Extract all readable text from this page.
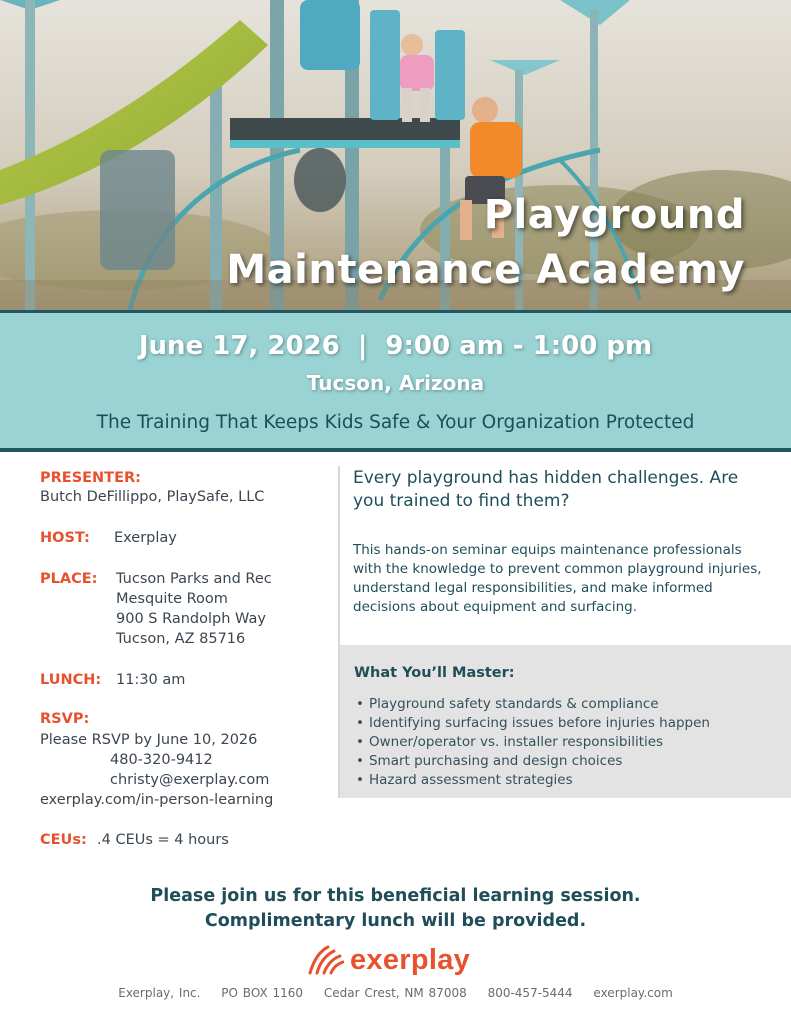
Playground
Maintenance Academy
June 17, 2026  |  9:00 am - 1:00 pm
Tucson, Arizona
The Training That Keeps Kids Safe & Your Organization Protected
PRESENTER:
Butch DeFillippo, PlaySafe, LLC
HOST: Exerplay
PLACE: Tucson Parks and Rec
Mesquite Room
900 S Randolph Way
Tucson, AZ 85716
LUNCH: 11:30 am
RSVP:
Please RSVP by June 10, 2026
480-320-9412
christy@exerplay.com
exerplay.com/in-person-learning
CEUs: .4 CEUs = 4 hours
Every playground has hidden challenges. Are you trained to find them?
This hands-on seminar equips maintenance professionals with the knowledge to prevent common playground injuries, understand legal responsibilities, and make informed decisions about equipment and surfacing.
What You’ll Master:
• Playground safety standards & compliance
• Identifying surfacing issues before injuries happen
• Owner/operator vs. installer responsibilities
• Smart purchasing and design choices
• Hazard assessment strategies
Please join us for this beneficial learning session.
Complimentary lunch will be provided.
exerplay
Exerplay, Inc. PO BOX 1160 Cedar Crest, NM 87008 800-457-5444 exerplay.com
